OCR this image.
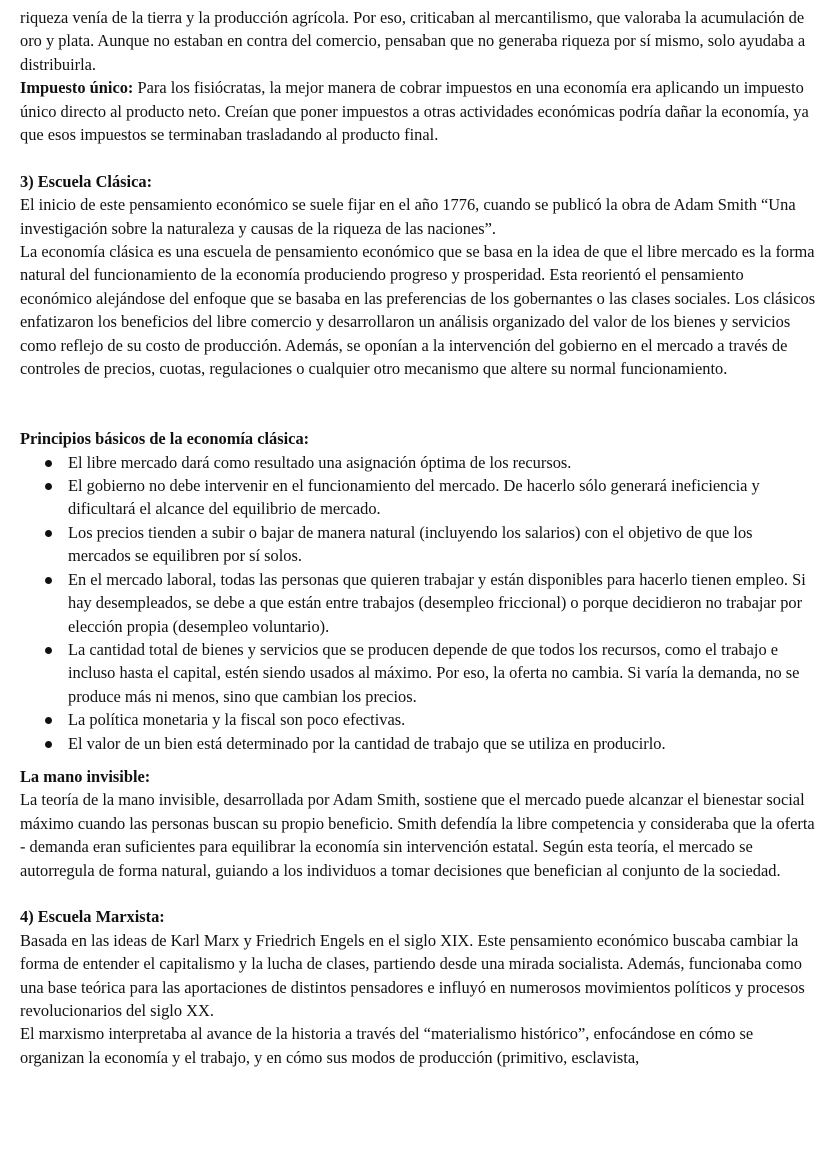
riqueza venía de la tierra y la producción agrícola. Por eso, criticaban al mercantilismo, que valoraba la acumulación de oro y plata. Aunque no estaban en contra del comercio, pensaban que no generaba riqueza por sí mismo, solo ayudaba a distribuirla.

Impuesto único: Para los fisiócratas, la mejor manera de cobrar impuestos en una economía era aplicando un impuesto único directo al producto neto. Creían que poner impuestos a otras actividades económicas podría dañar la economía, ya que esos impuestos se terminaban trasladando al producto final.

3) Escuela Clásica:

El inicio de este pensamiento económico se suele fijar en el año 1776, cuando se publicó la obra de Adam Smith “Una investigación sobre la naturaleza y causas de la riqueza de las naciones”.

La economía clásica es una escuela de pensamiento económico que se basa en la idea de que el libre mercado es la forma natural del funcionamiento de la economía produciendo progreso y prosperidad. Esta reorientó el pensamiento económico alejándose del enfoque que se basaba en las preferencias de los gobernantes o las clases sociales. Los clásicos enfatizaron los beneficios del libre comercio y desarrollaron un análisis organizado del valor de los bienes y servicios como reflejo de su costo de producción. Además, se oponían a la intervención del gobierno en el mercado a través de controles de precios, cuotas, regulaciones o cualquier otro mecanismo que altere su normal funcionamiento.

Principios básicos de la economía clásica:

El libre mercado dará como resultado una asignación óptima de los recursos.
El gobierno no debe intervenir en el funcionamiento del mercado. De hacerlo sólo generará ineficiencia y dificultará el alcance del equilibrio de mercado.
Los precios tienden a subir o bajar de manera natural (incluyendo los salarios) con el objetivo de que los mercados se equilibren por sí solos.
En el mercado laboral, todas las personas que quieren trabajar y están disponibles para hacerlo tienen empleo. Si hay desempleados, se debe a que están entre trabajos (desempleo friccional) o porque decidieron no trabajar por elección propia (desempleo voluntario).
La cantidad total de bienes y servicios que se producen depende de que todos los recursos, como el trabajo e incluso hasta el capital, estén siendo usados al máximo. Por eso, la oferta no cambia. Si varía la demanda, no se produce más ni menos, sino que cambian los precios.
La política monetaria y la fiscal son poco efectivas.
El valor de un bien está determinado por la cantidad de trabajo que se utiliza en producirlo.

La mano invisible:

La teoría de la mano invisible, desarrollada por Adam Smith, sostiene que el mercado puede alcanzar el bienestar social máximo cuando las personas buscan su propio beneficio. Smith defendía la libre competencia y consideraba que la oferta - demanda eran suficientes para equilibrar la economía sin intervención estatal. Según esta teoría, el mercado se autorregula de forma natural, guiando a los individuos a tomar decisiones que benefician al conjunto de la sociedad.

4) Escuela Marxista:

Basada en las ideas de Karl Marx y Friedrich Engels en el siglo XIX. Este pensamiento económico buscaba cambiar la forma de entender el capitalismo y la lucha de clases, partiendo desde una mirada socialista. Además, funcionaba como una base teórica para las aportaciones de distintos pensadores e influyó en numerosos movimientos políticos y procesos revolucionarios del siglo XX.

El marxismo interpretaba al avance de la historia a través del “materialismo histórico”, enfocándose en cómo se organizan la economía y el trabajo, y en cómo sus modos de producción (primitivo, esclavista,
